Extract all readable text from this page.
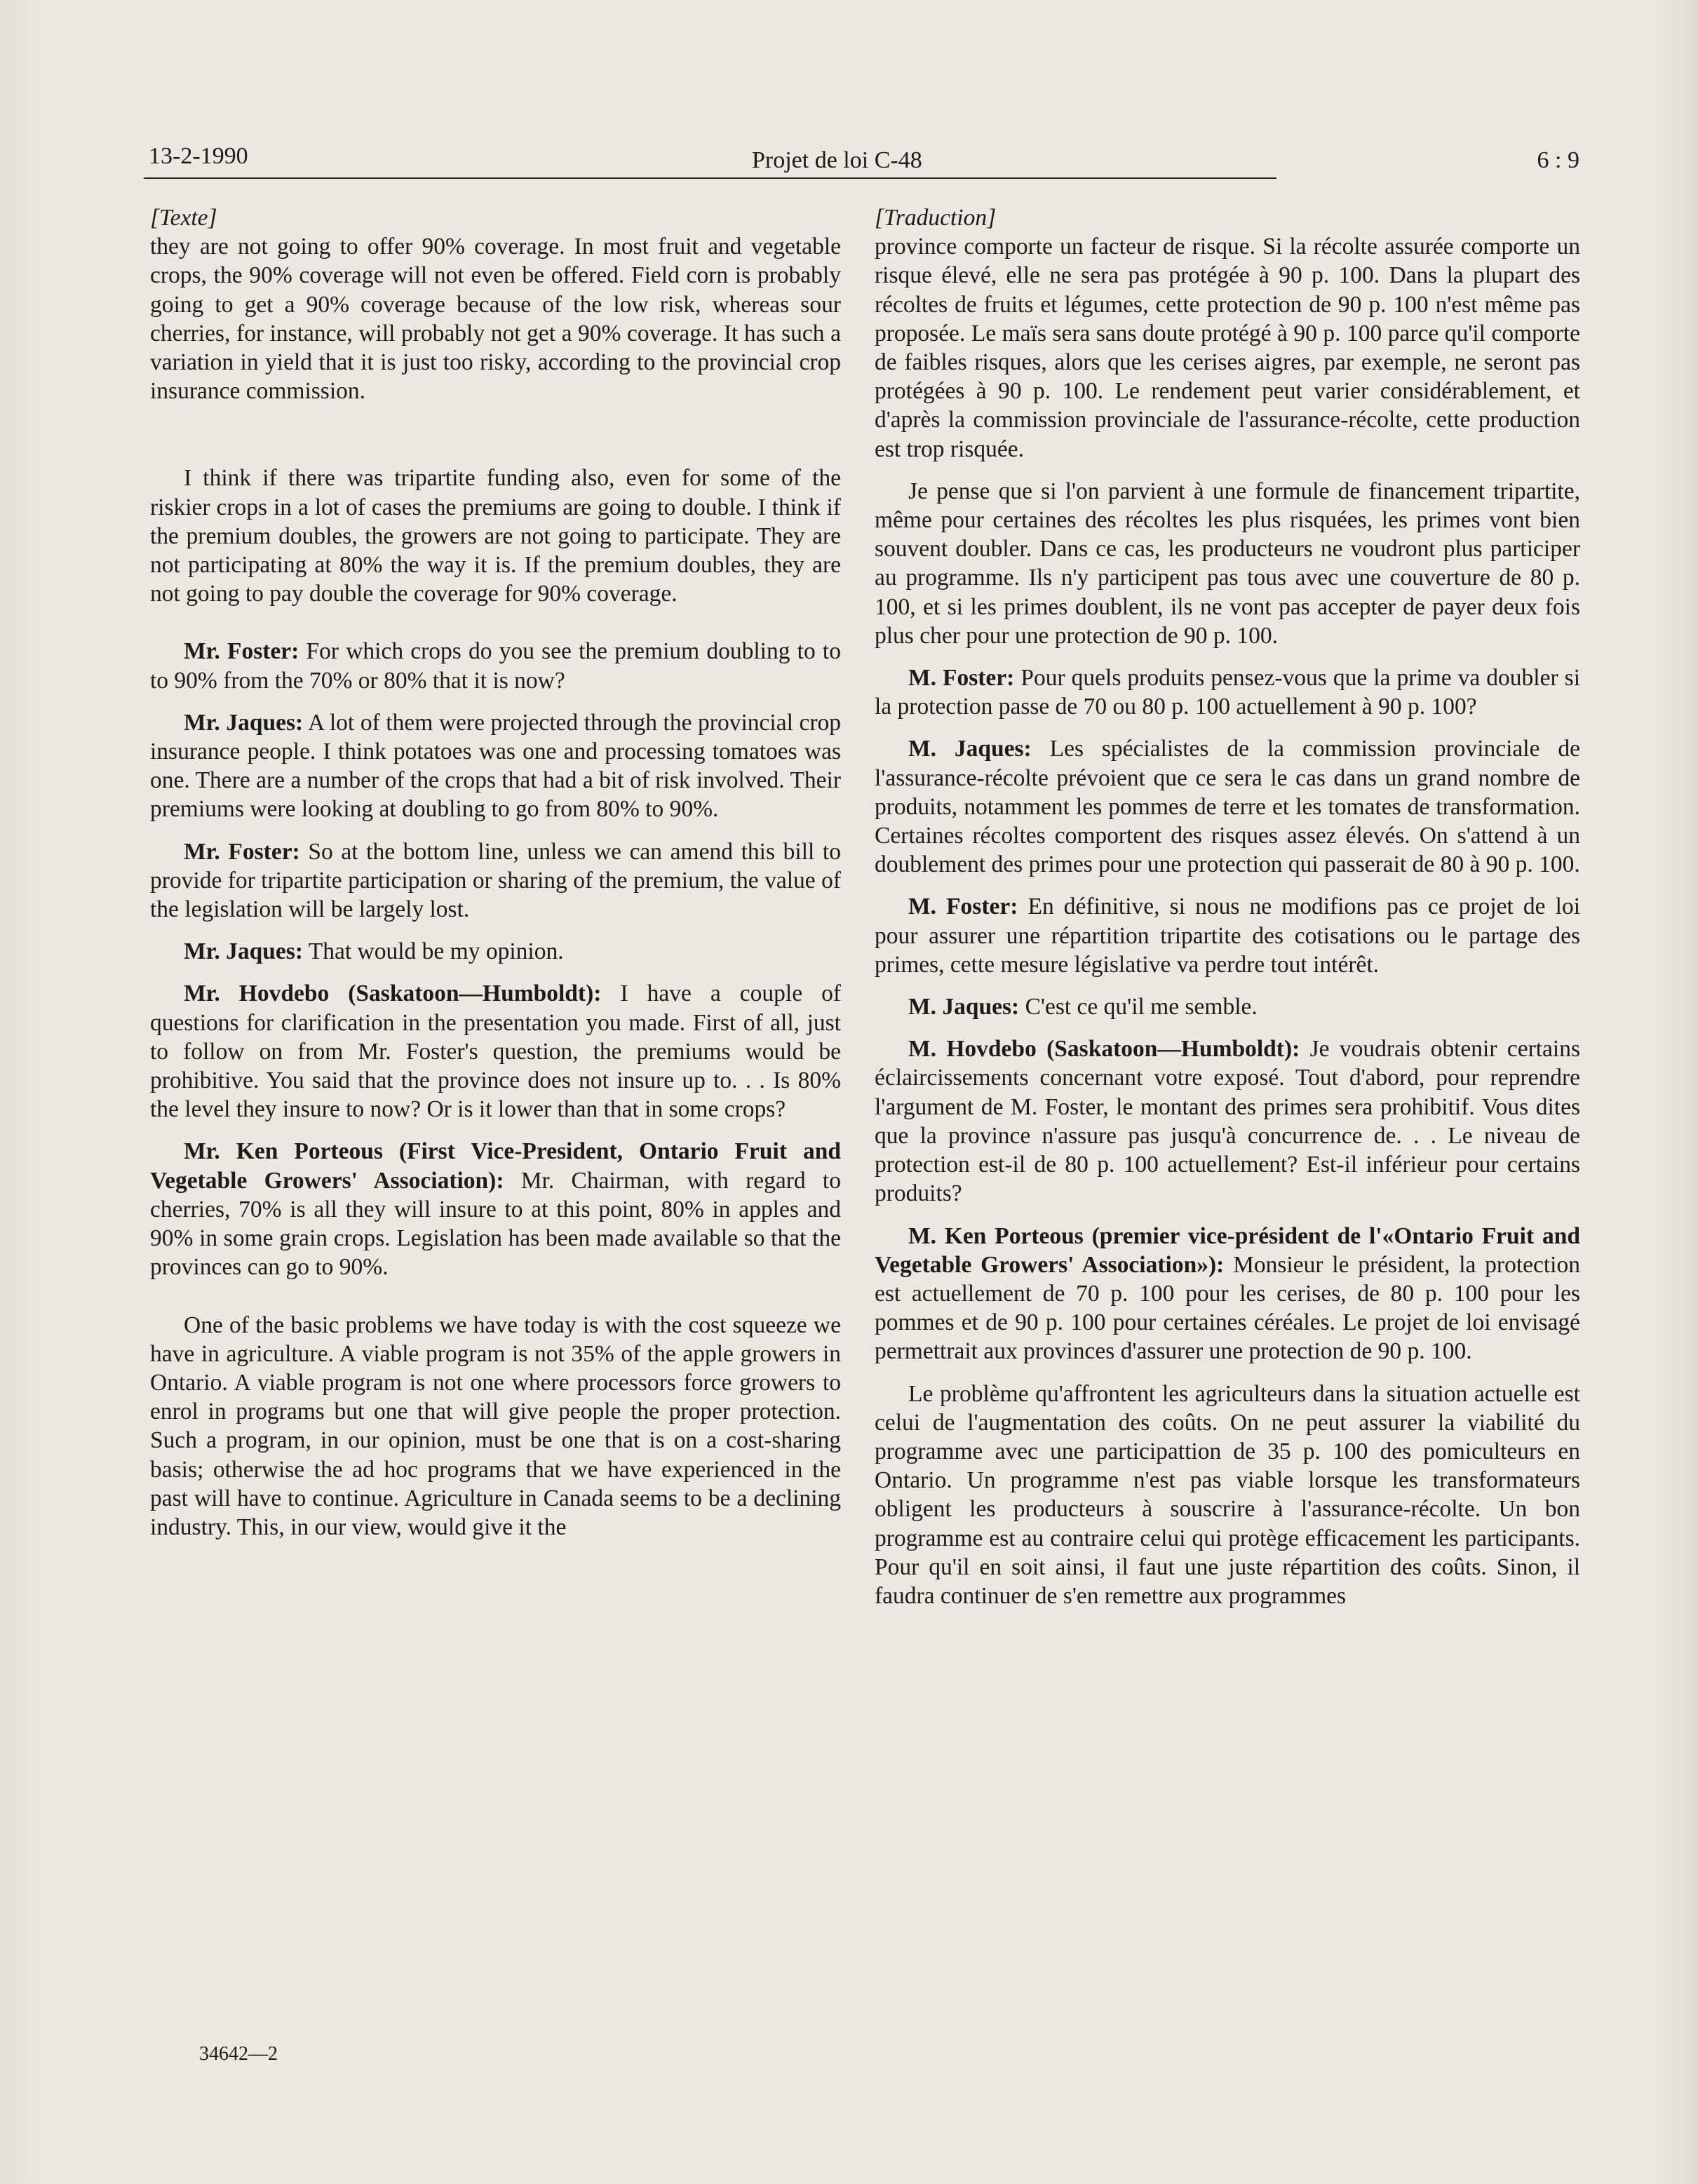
13-2-1990	Projet de loi C-48	6 : 9

[Texte]

they are not going to offer 90% coverage. In most fruit and vegetable crops, the 90% coverage will not even be offered. Field corn is probably going to get a 90% coverage because of the low risk, whereas sour cherries, for instance, will probably not get a 90% coverage. It has such a variation in yield that it is just too risky, according to the provincial crop insurance commission.

I think if there was tripartite funding also, even for some of the riskier crops in a lot of cases the premiums are going to double. I think if the premium doubles, the growers are not going to participate. They are not participating at 80% the way it is. If the premium doubles, they are not going to pay double the coverage for 90% coverage.

Mr. Foster: For which crops do you see the premium doubling to to to 90% from the 70% or 80% that it is now?

Mr. Jaques: A lot of them were projected through the provincial crop insurance people. I think potatoes was one and processing tomatoes was one. There are a number of the crops that had a bit of risk involved. Their premiums were looking at doubling to go from 80% to 90%.

Mr. Foster: So at the bottom line, unless we can amend this bill to provide for tripartite participation or sharing of the premium, the value of the legislation will be largely lost.

Mr. Jaques: That would be my opinion.

Mr. Hovdebo (Saskatoon—Humboldt): I have a couple of questions for clarification in the presentation you made. First of all, just to follow on from Mr. Foster's question, the premiums would be prohibitive. You said that the province does not insure up to. . . Is 80% the level they insure to now? Or is it lower than that in some crops?

Mr. Ken Porteous (First Vice-President, Ontario Fruit and Vegetable Growers' Association): Mr. Chairman, with regard to cherries, 70% is all they will insure to at this point, 80% in apples and 90% in some grain crops. Legislation has been made available so that the provinces can go to 90%.

One of the basic problems we have today is with the cost squeeze we have in agriculture. A viable program is not 35% of the apple growers in Ontario. A viable program is not one where processors force growers to enrol in programs but one that will give people the proper protection. Such a program, in our opinion, must be one that is on a cost-sharing basis; otherwise the ad hoc programs that we have experienced in the past will have to continue. Agriculture in Canada seems to be a declining industry. This, in our view, would give it the

[Traduction]

province comporte un facteur de risque. Si la récolte assurée comporte un risque élevé, elle ne sera pas protégée à 90 p. 100. Dans la plupart des récoltes de fruits et légumes, cette protection de 90 p. 100 n'est même pas proposée. Le maïs sera sans doute protégé à 90 p. 100 parce qu'il comporte de faibles risques, alors que les cerises aigres, par exemple, ne seront pas protégées à 90 p. 100. Le rendement peut varier considérablement, et d'après la commission provinciale de l'assurance-récolte, cette production est trop risquée.

Je pense que si l'on parvient à une formule de financement tripartite, même pour certaines des récoltes les plus risquées, les primes vont bien souvent doubler. Dans ce cas, les producteurs ne voudront plus participer au programme. Ils n'y participent pas tous avec une couverture de 80 p. 100, et si les primes doublent, ils ne vont pas accepter de payer deux fois plus cher pour une protection de 90 p. 100.

M. Foster: Pour quels produits pensez-vous que la prime va doubler si la protection passe de 70 ou 80 p. 100 actuellement à 90 p. 100?

M. Jaques: Les spécialistes de la commission provinciale de l'assurance-récolte prévoient que ce sera le cas dans un grand nombre de produits, notamment les pommes de terre et les tomates de transformation. Certaines récoltes comportent des risques assez élevés. On s'attend à un doublement des primes pour une protection qui passerait de 80 à 90 p. 100.

M. Foster: En définitive, si nous ne modifions pas ce projet de loi pour assurer une répartition tripartite des cotisations ou le partage des primes, cette mesure législative va perdre tout intérêt.

M. Jaques: C'est ce qu'il me semble.

M. Hovdebo (Saskatoon—Humboldt): Je voudrais obtenir certains éclaircissements concernant votre exposé. Tout d'abord, pour reprendre l'argument de M. Foster, le montant des primes sera prohibitif. Vous dites que la province n'assure pas jusqu'à concurrence de. . . Le niveau de protection est-il de 80 p. 100 actuellement? Est-il inférieur pour certains produits?

M. Ken Porteous (premier vice-président de l'«Ontario Fruit and Vegetable Growers' Association»): Monsieur le président, la protection est actuellement de 70 p. 100 pour les cerises, de 80 p. 100 pour les pommes et de 90 p. 100 pour certaines céréales. Le projet de loi envisagé permettrait aux provinces d'assurer une protection de 90 p. 100.

Le problème qu'affrontent les agriculteurs dans la situation actuelle est celui de l'augmentation des coûts. On ne peut assurer la viabilité du programme avec une participattion de 35 p. 100 des pomiculteurs en Ontario. Un programme n'est pas viable lorsque les transformateurs obligent les producteurs à souscrire à l'assurance-récolte. Un bon programme est au contraire celui qui protège efficacement les participants. Pour qu'il en soit ainsi, il faut une juste répartition des coûts. Sinon, il faudra continuer de s'en remettre aux programmes

34642—2
